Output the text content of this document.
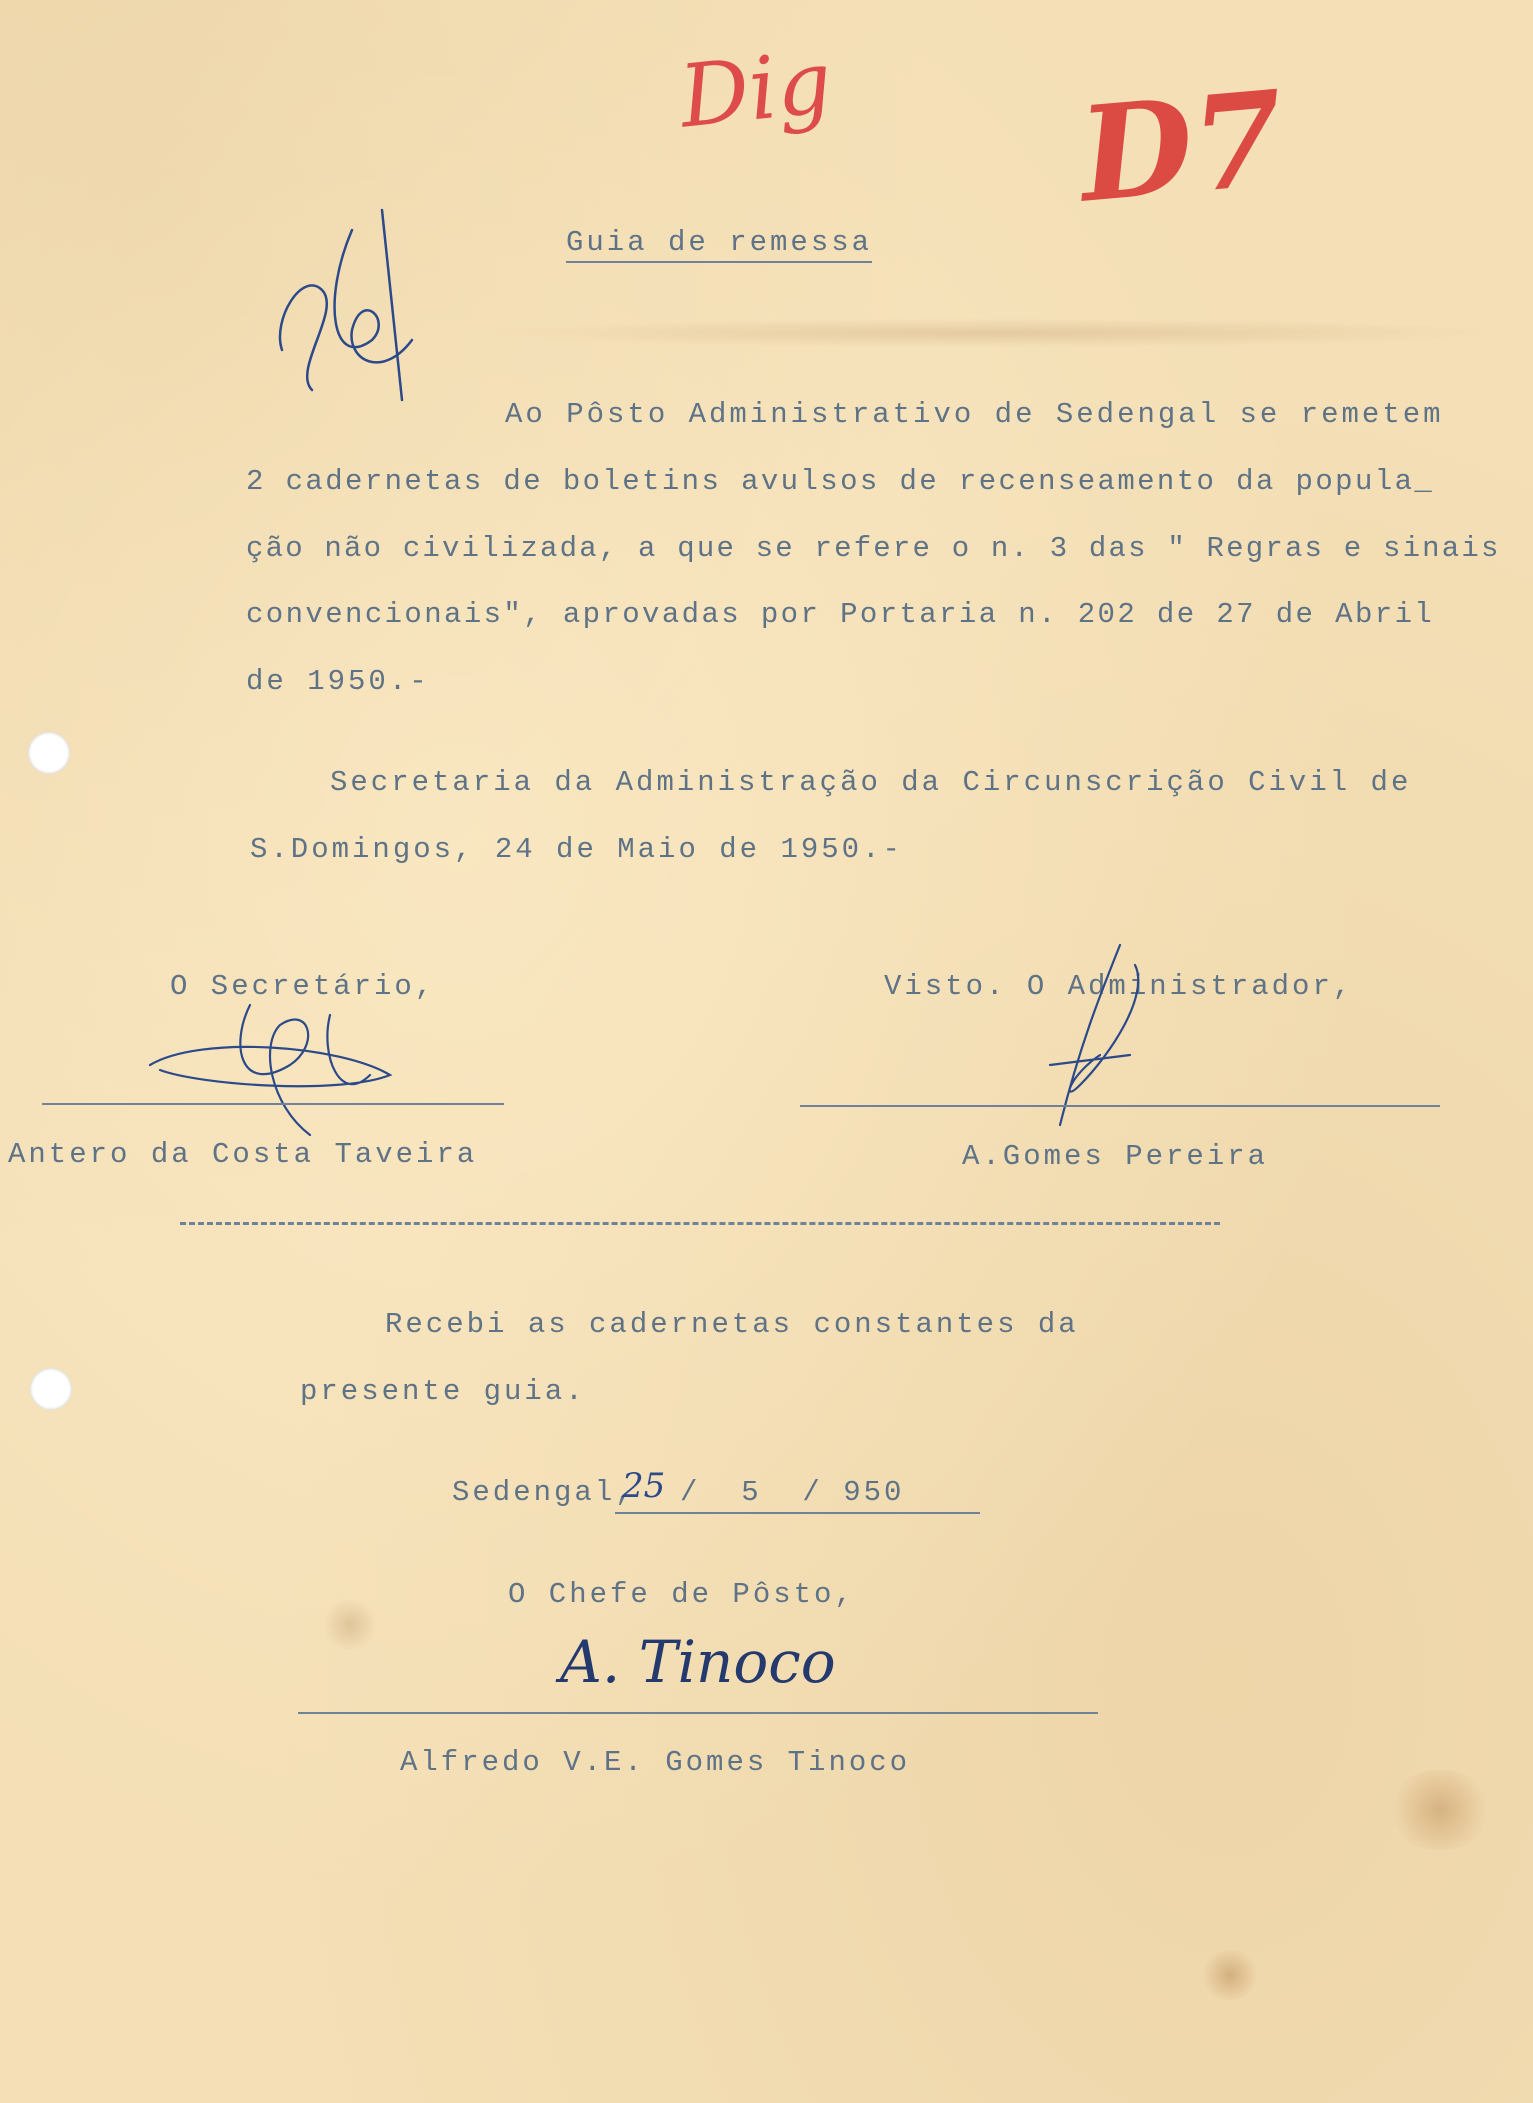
Dig D7
Guia de remessa
Ao Pôsto Administrativo de Sedengal se remetem
2 cadernetas de boletins avulsos de recenseamento da popula_
ção não civilizada, a que se refere o n. 3 das " Regras e sinais
convencionais", aprovadas por Portaria n. 202 de 27 de Abril
de 1950.-
Secretaria da Administração da Circunscrição Civil de
S.Domingos, 24 de Maio de 1950.-
O Secretário,
Antero da Costa Taveira
Visto. O Administrador,
A.Gomes Pereira
Recebi as cadernetas constantes da
presente guia.
Sedengal,
25 /  5  / 950
O Chefe de Pôsto,
A. Tinoco
Alfredo V.E. Gomes Tinoco
